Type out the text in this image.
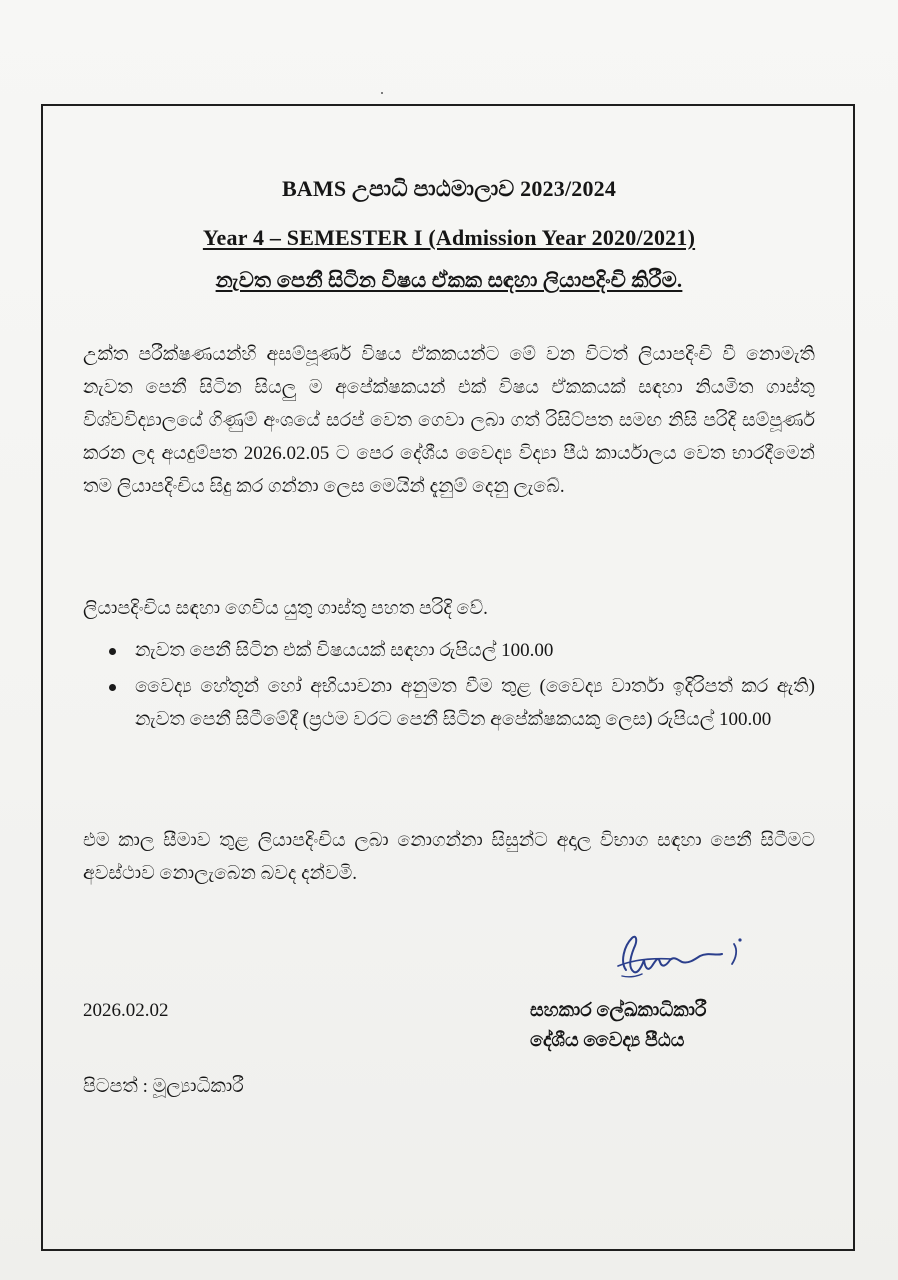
BAMS උපාධි පාඨමාලාව 2023/2024
Year 4 – SEMESTER I (Admission Year 2020/2021)
නැවත පෙනී සිටින විෂය ඒකක සඳහා ලියාපදිංචි කිරීම.

උක්ත පරීක්ෂණයන්හි අසම්පූර්ණ විෂය ඒකකයන්ට මේ වන විටත් ලියාපදිංචි වී නොමැති නැවත පෙනී සිටින සියලු ම අපේක්ෂකයන් එක් විෂය ඒකකයක් සඳහා නියමිත ගාස්තු විශ්වවිද්‍යාලයේ ගිණුම් අංශයේ සරප් වෙත ගෙවා ලබා ගත් රිසිට්පත සමඟ නිසි පරිදි සම්පූර්ණ කරන ලද අයදුම්පත 2026.02.05 ට පෙර දේශීය වෛද්‍ය විද්‍යා පීඨ කාර්යාලය වෙත භාරදීමෙන් තම ලියාපදිංචිය සිදු කර ගන්නා ලෙස මෙයින් දැනුම් දෙනු ලැබේ.

ලියාපදිංචිය සඳහා ගෙවිය යුතු ගාස්තු පහත පරිදි වේ.

නැවත පෙනී සිටින එක් විෂයයක් සඳහා රුපියල් 100.00
වෛද්‍ය හේතූන් හෝ අභියාචනා අනුමත වීම තුළ (වෛද්‍ය වාර්තා ඉදිරිපත් කර ඇති) නැවත පෙනී සිටීමේදී (ප්‍රථම වරට පෙනී සිටින අපේක්ෂකයකු ලෙස) රුපියල් 100.00

එම කාල සීමාව තුළ ලියාපදිංචිය ලබා නොගන්නා සිසුන්ට අදාල විභාග සඳහා පෙනී සිටීමට අවස්ථාව නොලැබෙන බවද දන්වමි.

2026.02.02	සහකාර ලේඛකාධිකාරී
දේශීය වෛද්‍ය පීඨය
පිටපත් : මූල්‍යාධිකාරී
